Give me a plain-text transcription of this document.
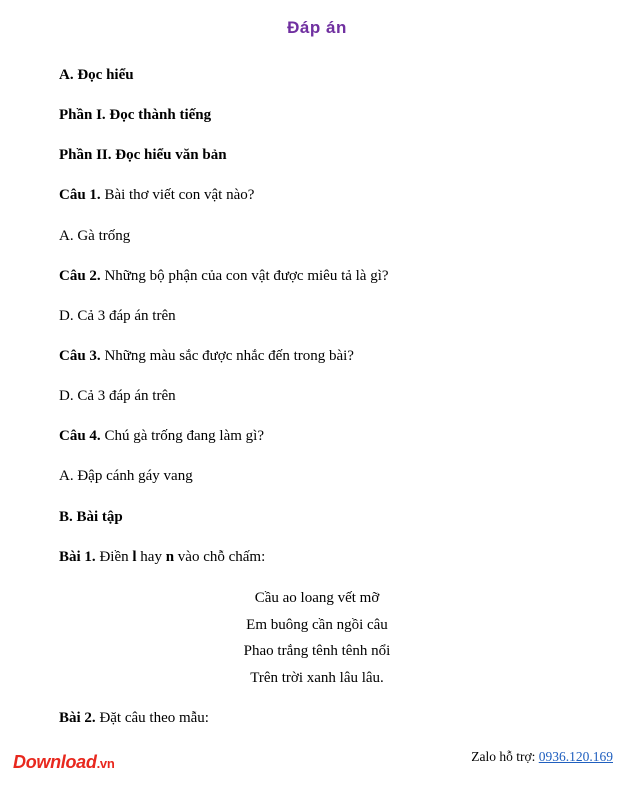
Đáp án
A. Đọc hiểu
Phần I. Đọc thành tiếng
Phần II. Đọc hiểu văn bản
Câu 1. Bài thơ viết con vật nào?
A. Gà trống
Câu 2. Những bộ phận của con vật được miêu tả là gì?
D. Cả 3 đáp án trên
Câu 3. Những màu sắc được nhắc đến trong bài?
D. Cả 3 đáp án trên
Câu 4. Chú gà trống đang làm gì?
A. Đập cánh gáy vang
B. Bài tập
Bài 1. Điền l hay n vào chỗ chấm:
Cầu ao loang vết mỡ
Em buông cần ngồi câu
Phao trắng tênh tênh nổi
Trên trời xanh lâu lâu.
Bài 2. Đặt câu theo mẫu:
Download.vn	Zalo hỗ trợ: 0936.120.169
